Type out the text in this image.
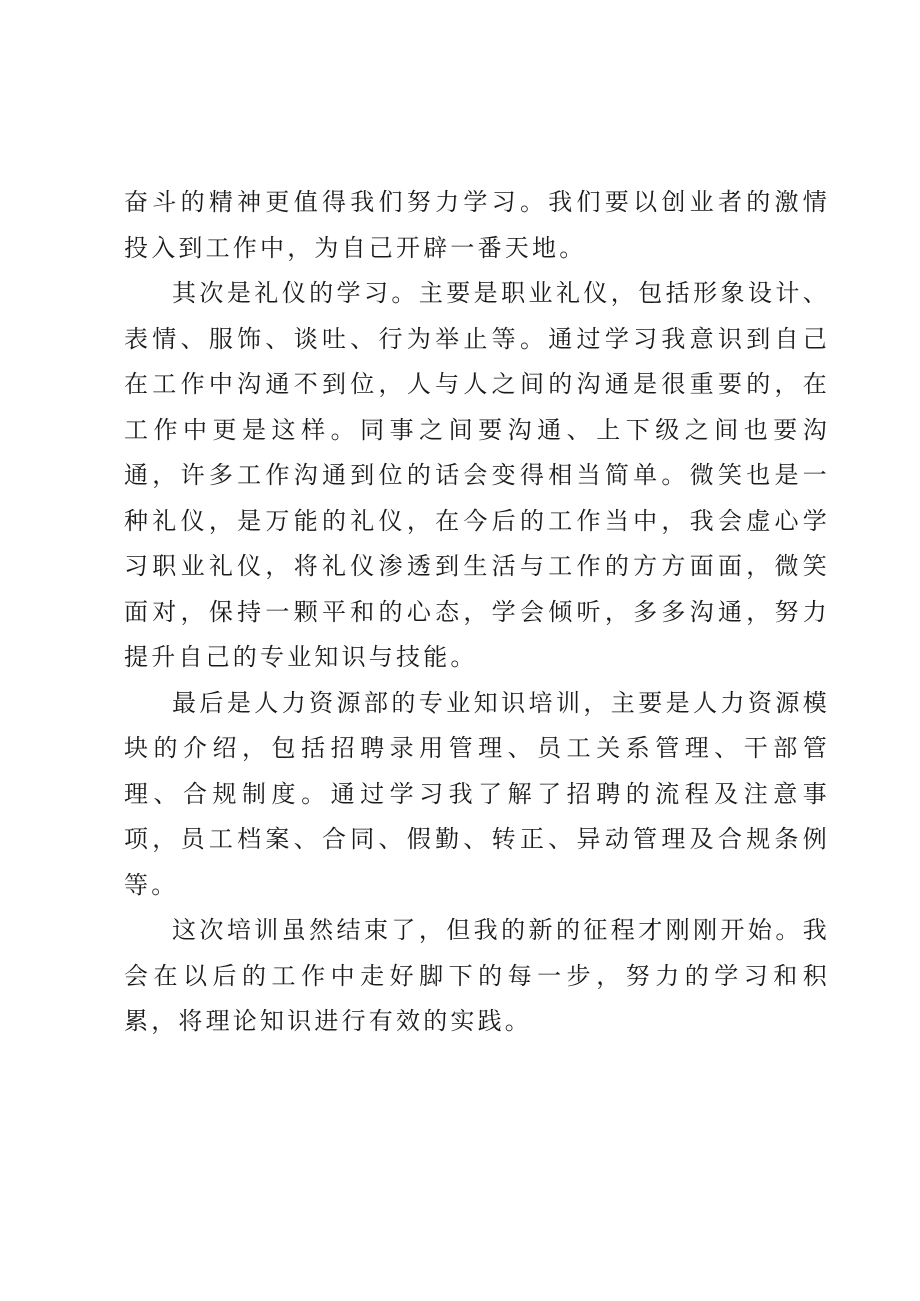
奋斗的精神更值得我们努力学习。我们要以创业者的激情投入到工作中，为自己开辟一番天地。

其次是礼仪的学习。主要是职业礼仪，包括形象设计、表情、服饰、谈吐、行为举止等。通过学习我意识到自己在工作中沟通不到位，人与人之间的沟通是很重要的，在工作中更是这样。同事之间要沟通、上下级之间也要沟通，许多工作沟通到位的话会变得相当简单。微笑也是一种礼仪，是万能的礼仪，在今后的工作当中，我会虚心学习职业礼仪，将礼仪渗透到生活与工作的方方面面，微笑面对，保持一颗平和的心态，学会倾听，多多沟通，努力提升自己的专业知识与技能。

最后是人力资源部的专业知识培训，主要是人力资源模块的介绍，包括招聘录用管理、员工关系管理、干部管理、合规制度。通过学习我了解了招聘的流程及注意事项，员工档案、合同、假勤、转正、异动管理及合规条例等。

这次培训虽然结束了，但我的新的征程才刚刚开始。我会在以后的工作中走好脚下的每一步，努力的学习和积累，将理论知识进行有效的实践。
